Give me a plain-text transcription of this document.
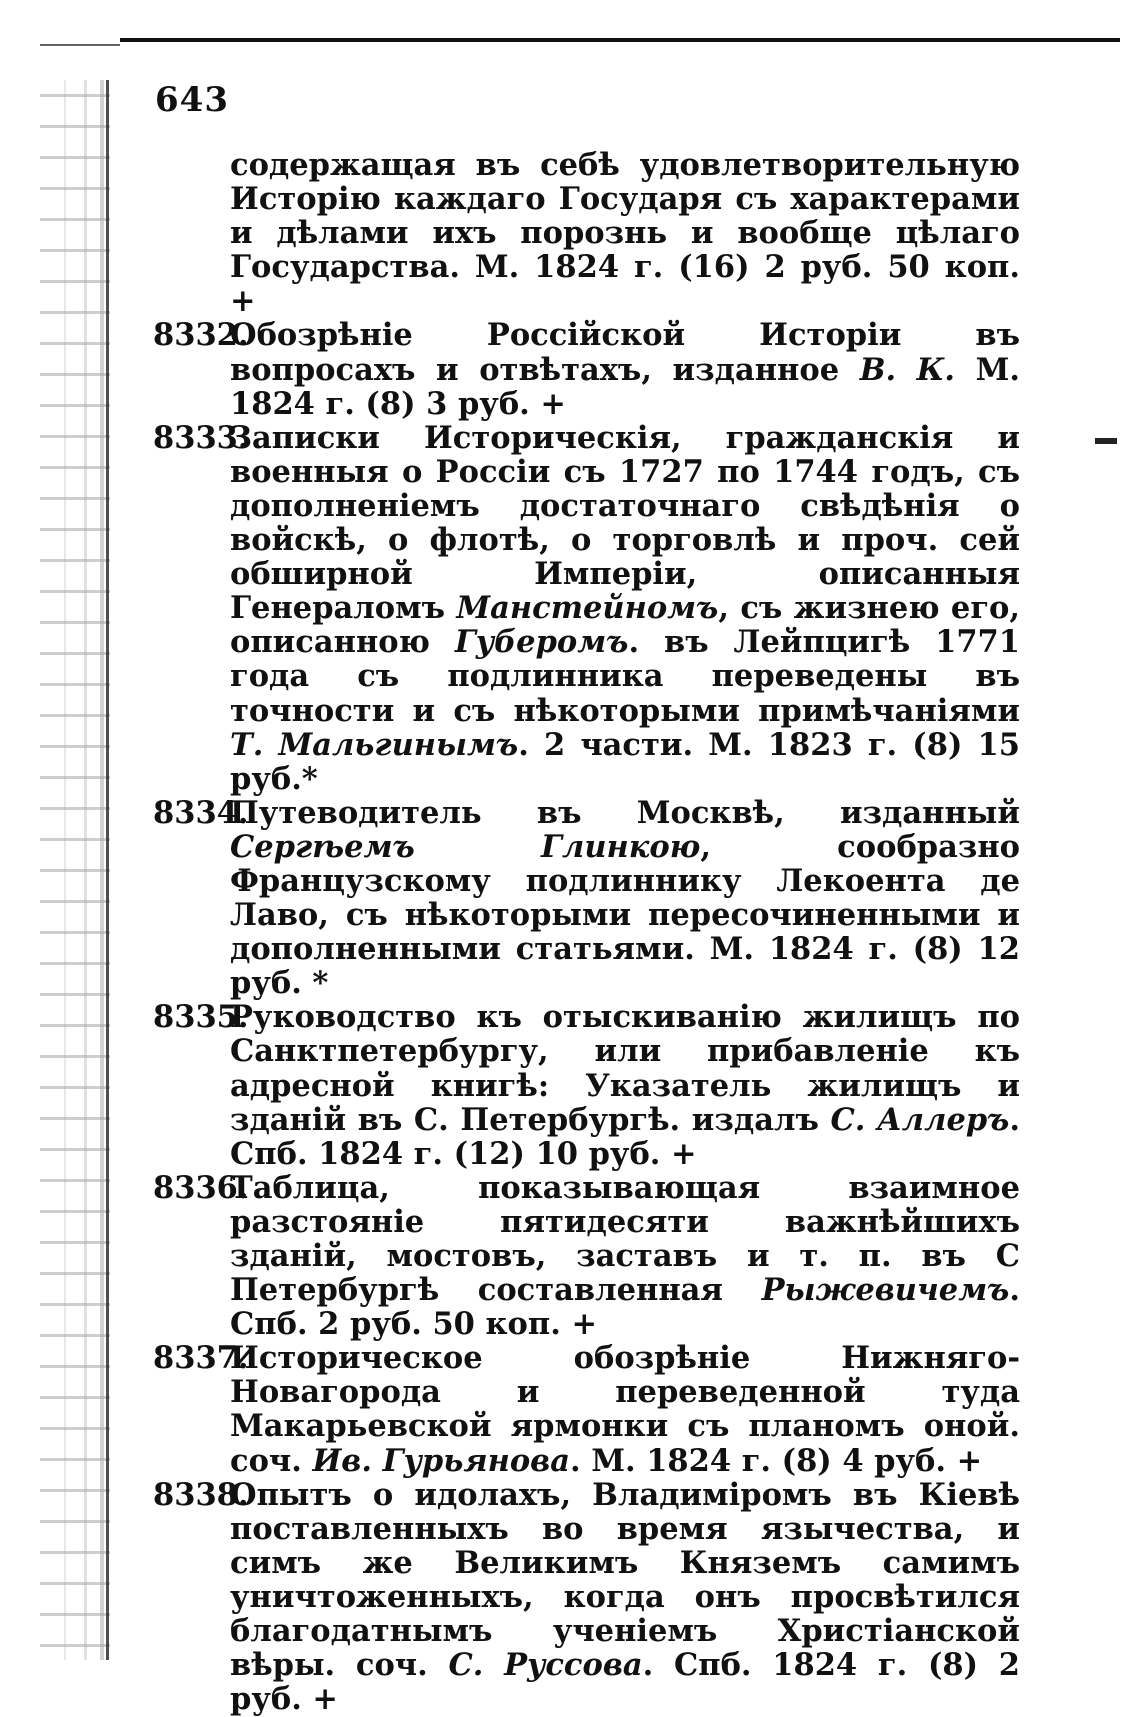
643

содержащая въ себѣ удовлетворительную Исторію каждаго Государя съ характерами и дѣлами ихъ порознь и вообще цѣлаго Государства. М. 1824 г. (16) 2 руб. 50 коп. +

8332.
Обозрѣніе Россійской Исторіи въ вопросахъ и отвѣтахъ, изданное В. К. М. 1824 г. (8) 3 руб. +

8333.
Записки Историческія, гражданскія и военныя о Россіи съ 1727 по 1744 годъ, съ дополненіемъ достаточнаго свѣдѣнія о войскѣ, о флотѣ, о торговлѣ и проч. сей обширной Имперіи, описанныя Генераломъ Манстейномъ, съ жизнею его, описанною Губеромъ. въ Лейпцигѣ 1771 года съ подлинника переведены въ точности и съ нѣкоторыми примѣчаніями Т. Мальгинымъ. 2 части. М. 1823 г. (8) 15 руб.*

8334.
Путеводитель въ Москвѣ, изданный Сергѣемъ Глинкою, сообразно Французскому подлиннику Лекоента де Лаво, съ нѣкоторыми пересочиненными и дополненными статьями. М. 1824 г. (8) 12 руб. *

8335.
Руководство къ отыскиванію жилищъ по Санктпетербургу, или прибавленіе къ адресной книгѣ: Указатель жилищъ и зданій въ С. Петербургѣ. издалъ С. Аллеръ. Спб. 1824 г. (12) 10 руб. +

8336.
Таблица, показывающая взаимное разстояніе пятидесяти важнѣйшихъ зданій, мостовъ, заставъ и т. п. въ С Петербургѣ составленная Рыжевичемъ. Спб. 2 руб. 50 коп. +

8337.
Историческое обозрѣніе Нижняго-Новагорода и переведенной туда Макарьевской ярмонки съ планомъ оной. соч. Ив. Гурьянова. М. 1824 г. (8) 4 руб. +

8338.
Опытъ о идолахъ, Владиміромъ въ Кіевѣ поставленныхъ во время язычества, и симъ же Великимъ Княземъ самимъ уничтоженныхъ, когда онъ просвѣтился благодатнымъ ученіемъ Христіанской вѣры. соч. С. Руссова. Спб. 1824 г. (8) 2 руб. +
